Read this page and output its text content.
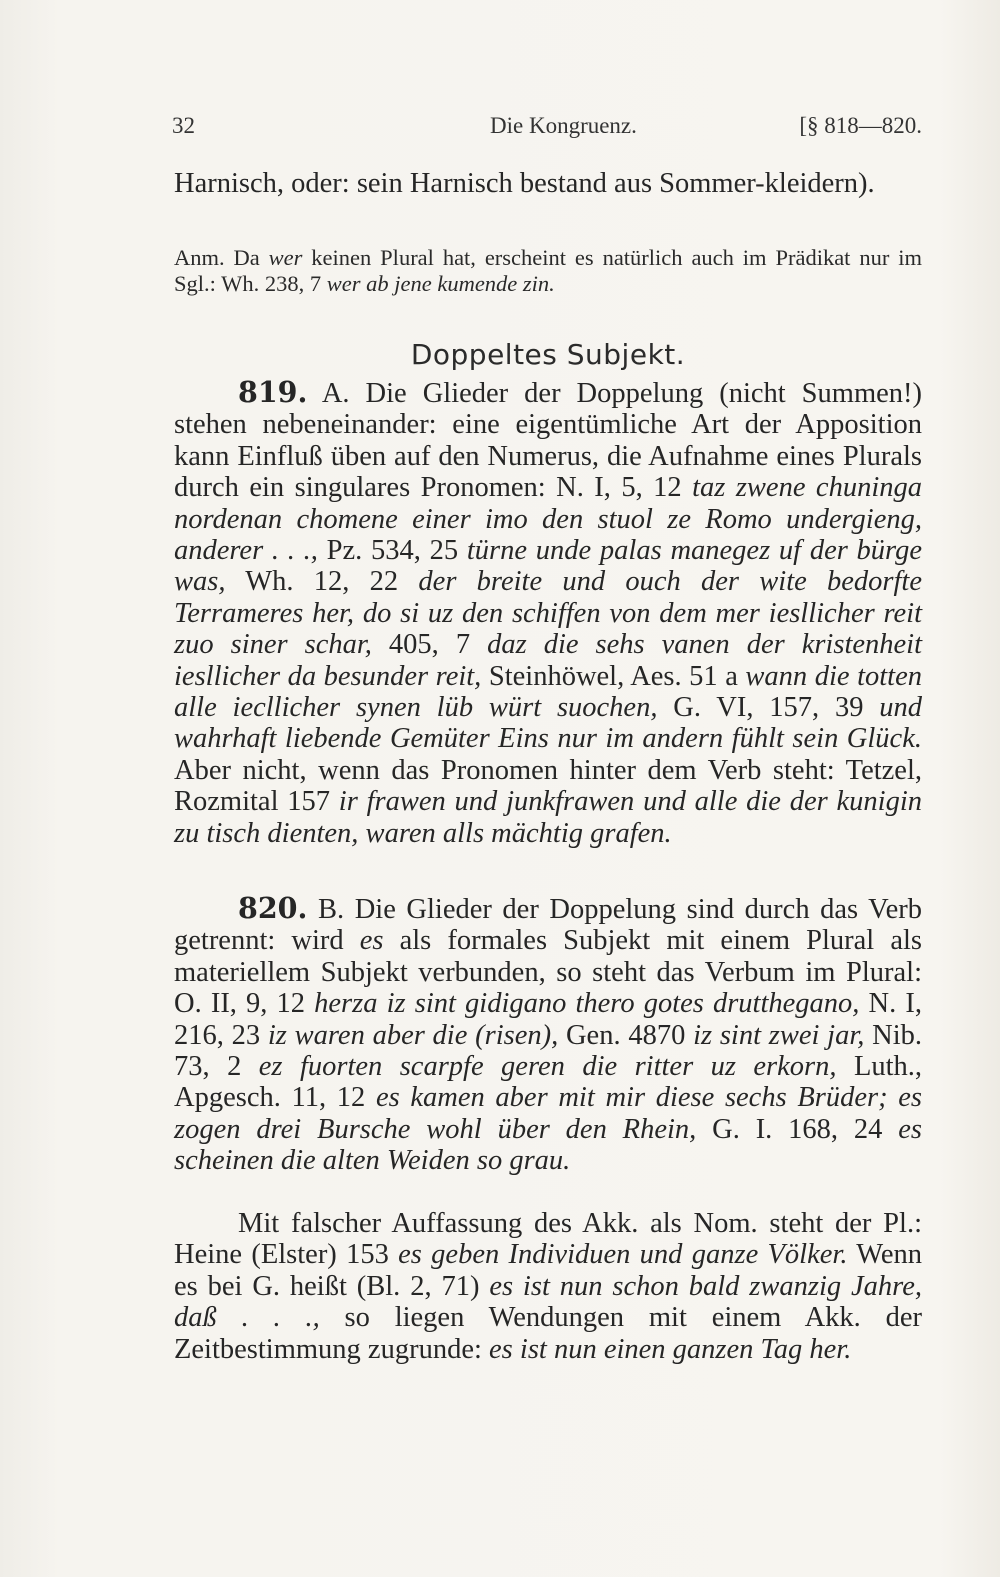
32	Die Kongruenz.	[§ 818—820.
Harnisch, oder: sein Harnisch bestand aus Sommer-kleidern).
Anm. Da wer keinen Plural hat, erscheint es natürlich auch im Prädikat nur im Sgl.: Wh. 238, 7 wer ab jene kumende zin.
Doppeltes Subjekt.
819. A. Die Glieder der Doppelung (nicht Summen!) stehen nebeneinander: eine eigentümliche Art der Apposition kann Einfluß üben auf den Numerus, die Aufnahme eines Plurals durch ein singulares Pronomen: N. I, 5, 12 taz zwene chuninga nordenan chomene einer imo den stuol ze Romo undergieng, anderer . . ., Pz. 534, 25 türne unde palas manegez uf der bürge was, Wh. 12, 22 der breite und ouch der wite bedorfte Terrameres her, do si uz den schiffen von dem mer iesllicher reit zuo siner schar, 405, 7 daz die sehs vanen der kristenheit iesllicher da besunder reit, Steinhöwel, Aes. 51 a wann die totten alle iecllicher synen lüb würt suochen, G. VI, 157, 39 und wahrhaft liebende Gemüter Eins nur im andern fühlt sein Glück. Aber nicht, wenn das Pronomen hinter dem Verb steht: Tetzel, Rozmital 157 ir frawen und junkfrawen und alle die der kunigin zu tisch dienten, waren alls mächtig grafen.
820. B. Die Glieder der Doppelung sind durch das Verb getrennt: wird es als formales Subjekt mit einem Plural als materiellem Subjekt verbunden, so steht das Verbum im Plural: O. II, 9, 12 herza iz sint gidigano thero gotes drutthegano, N. I, 216, 23 iz waren aber die (risen), Gen. 4870 iz sint zwei jar, Nib. 73, 2 ez fuorten scarpfe geren die ritter uz erkorn, Luth., Apgesch. 11, 12 es kamen aber mit mir diese sechs Brüder; es zogen drei Bursche wohl über den Rhein, G. I. 168, 24 es scheinen die alten Weiden so grau.
Mit falscher Auffassung des Akk. als Nom. steht der Pl.: Heine (Elster) 153 es geben Individuen und ganze Völker. Wenn es bei G. heißt (Bl. 2, 71) es ist nun schon bald zwanzig Jahre, daß . . ., so liegen Wendungen mit einem Akk. der Zeitbestimmung zugrunde: es ist nun einen ganzen Tag her.
